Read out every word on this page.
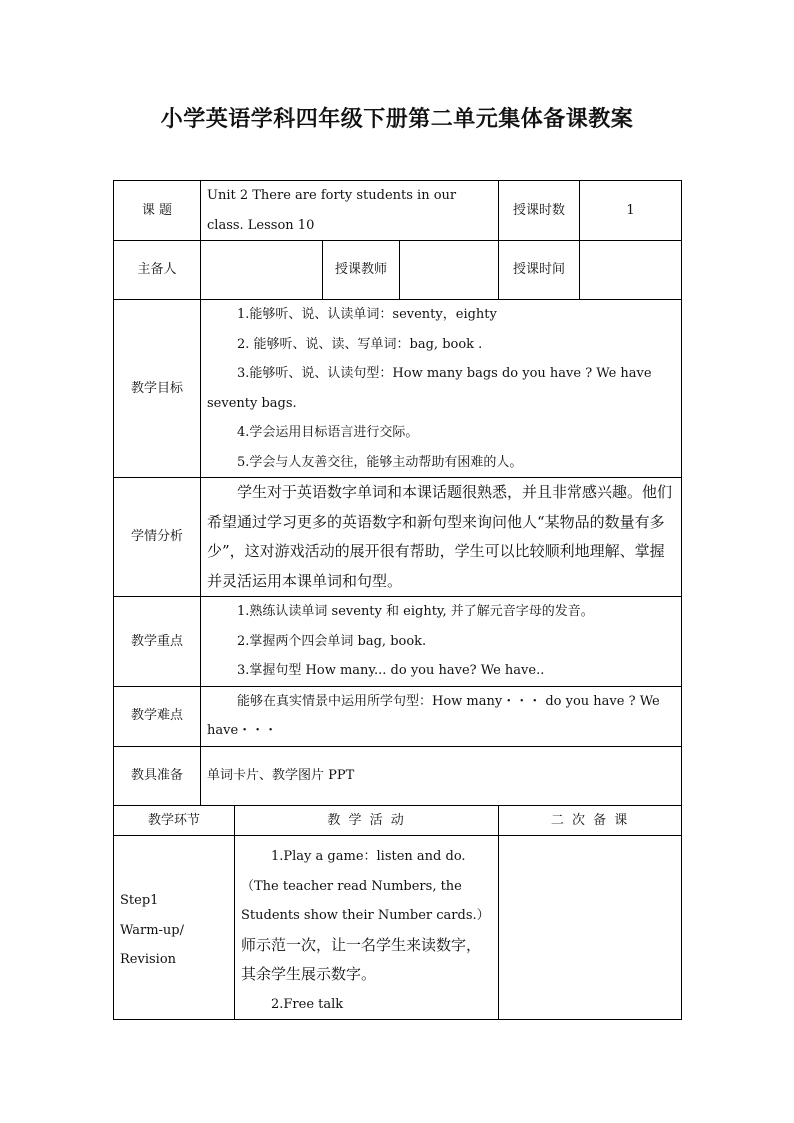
小学英语学科四年级下册第二单元集体备课教案
课 题	Unit 2 There are forty students in our class. Lesson 10				授课时数	1
主备人			授课教师		授课时间	
教学目标	1.能够听、说、认读单词：seventy，eighty
2. 能够听、说、读、写单词：bag, book .
3.能够听、说、认读句型：How many bags do you have ? We have seventy bags.
4.学会运用目标语言进行交际。
5.学会与人友善交往，能够主动帮助有困难的人。					

学情分析	学生对于英语数字单词和本课话题很熟悉，并且非常感兴趣。他们希望通过学习更多的英语数字和新句型来询问他人“某物品的数量有多少”，这对游戏活动的展开很有帮助，学生可以比较顺利地理解、掌握并灵活运用本课单词和句型。					
教学重点	1.熟练认读单词 seventy 和 eighty, 并了解元音字母的发音。
2.掌握两个四会单词 bag, book.
3.掌握句型 How many... do you have? We have..					

教学难点	能够在真实情景中运用所学句型：How many・・・ do you have ? We have・・・					
教具准备	单词卡片、教学图片 PPT					
教学环节		教 学 活 动			二 次 备 课	

Step1
Warm-up/
Revision		1.Play a game：listen and do.
（The teacher read Numbers, the Students show their Number cards.）
师示范一次，让一名学生来读数字，其余学生展示数字。
2.Free talk				
